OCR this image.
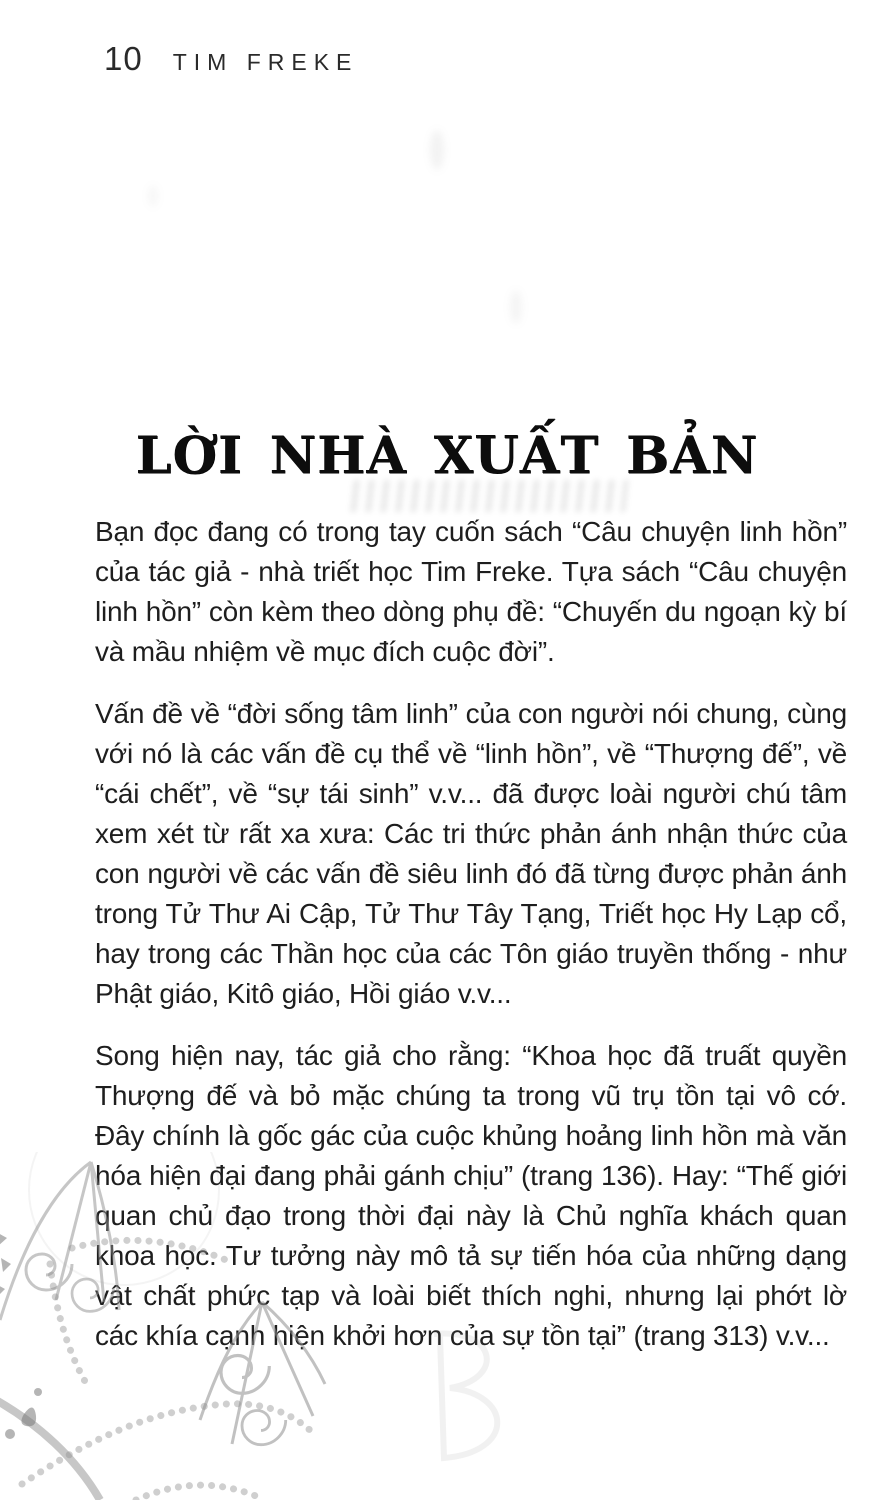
10 TIM FREKE
LỜI NHÀ XUẤT BẢN

Bạn đọc đang có trong tay cuốn sách “Câu chuyện linh hồn” của tác giả - nhà triết học Tim Freke. Tựa sách “Câu chuyện linh hồn” còn kèm theo dòng phụ đề: “Chuyến du ngoạn kỳ bí và mầu nhiệm về mục đích cuộc đời”.

Vấn đề về “đời sống tâm linh” của con người nói chung, cùng với nó là các vấn đề cụ thể về “linh hồn”, về “Thượng đế”, về “cái chết”, về “sự tái sinh” v.v... đã được loài người chú tâm xem xét từ rất xa xưa: Các tri thức phản ánh nhận thức của con người về các vấn đề siêu linh đó đã từng được phản ánh trong Tử Thư Ai Cập, Tử Thư Tây Tạng, Triết học Hy Lạp cổ, hay trong các Thần học của các Tôn giáo truyền thống - như Phật giáo, Kitô giáo, Hồi giáo v.v...

Song hiện nay, tác giả cho rằng: “Khoa học đã truất quyền Thượng đế và bỏ mặc chúng ta trong vũ trụ tồn tại vô cớ. Đây chính là gốc gác của cuộc khủng hoảng linh hồn mà văn hóa hiện đại đang phải gánh chịu” (trang 136). Hay: “Thế giới quan chủ đạo trong thời đại này là Chủ nghĩa khách quan khoa học. Tư tưởng này mô tả sự tiến hóa của những dạng vật chất phức tạp và loài biết thích nghi, nhưng lại phớt lờ các khía cạnh hiện khởi hơn của sự tồn tại” (trang 313) v.v...
